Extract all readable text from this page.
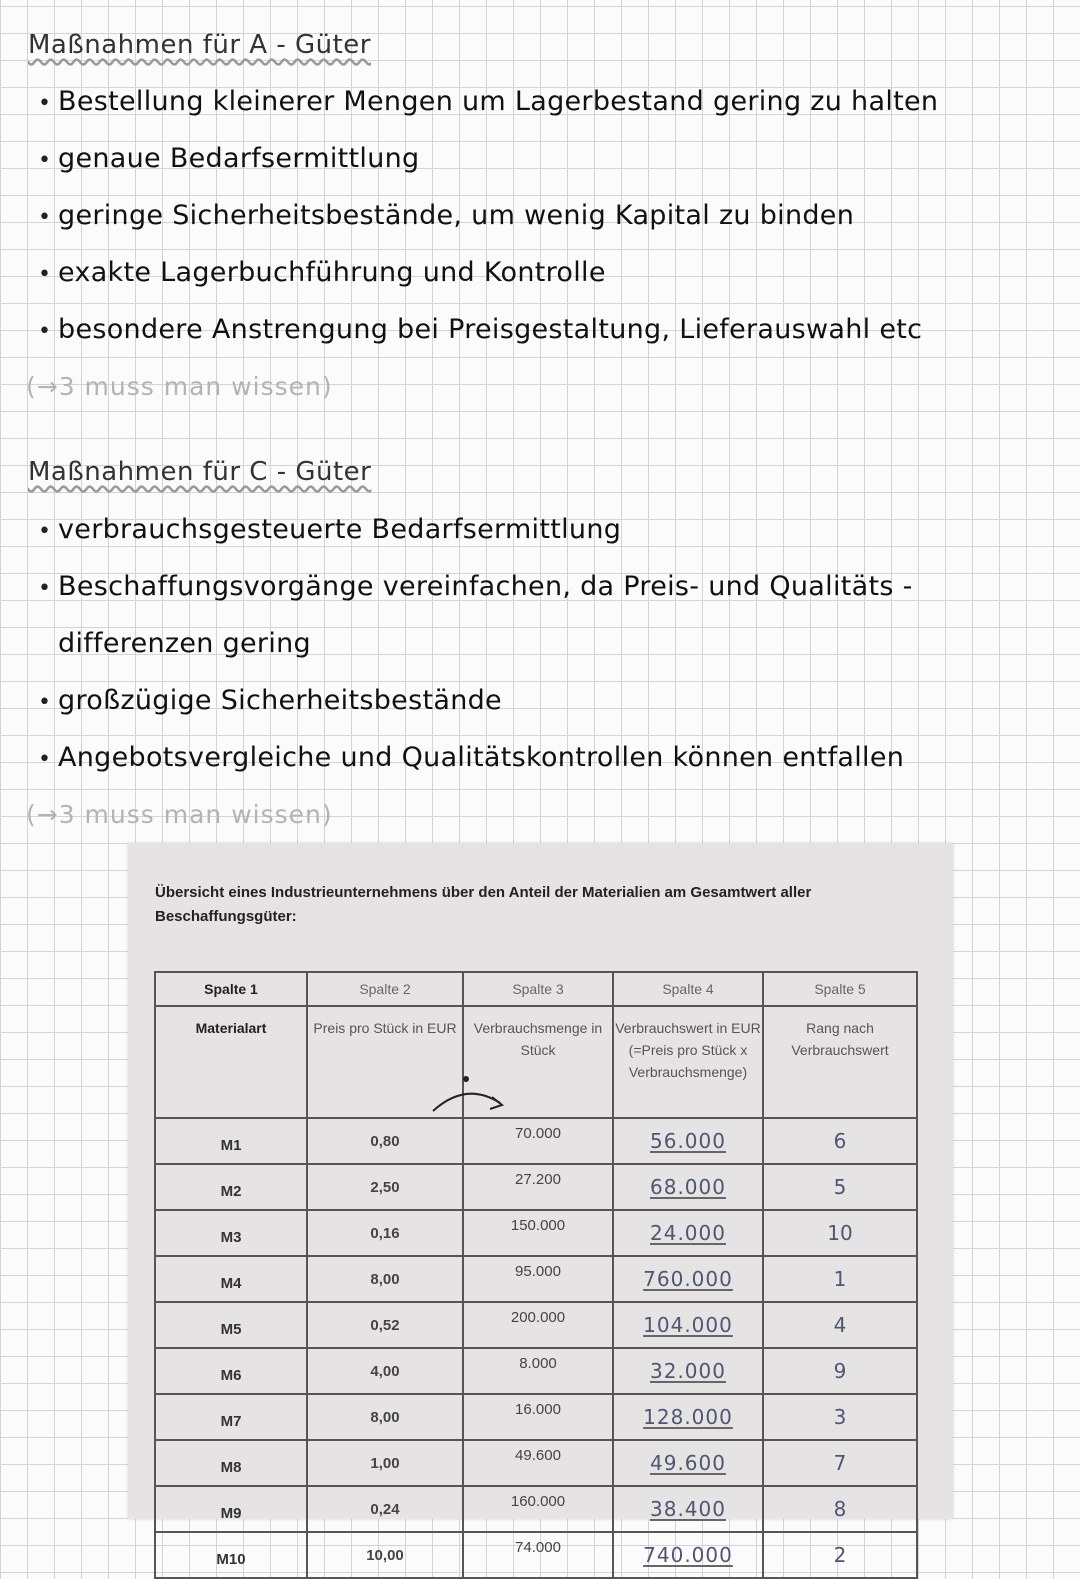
Maßnahmen für A - Güter
• Bestellung kleinerer Mengen um Lagerbestand gering zu halten
• genaue Bedarfsermittlung
• geringe Sicherheitsbestände, um wenig Kapital zu binden
• exakte Lagerbuchführung und Kontrolle
• besondere Anstrengung bei Preisgestaltung, Lieferauswahl etc
(→3 muss man wissen)
Maßnahmen für C - Güter
• verbrauchsgesteuerte Bedarfsermittlung
• Beschaffungsvorgänge vereinfachen, da Preis- und Qualitäts -
differenzen gering
• großzügige Sicherheitsbestände
• Angebotsvergleiche und Qualitätskontrollen können entfallen
(→3 muss man wissen)
Übersicht eines Industrieunternehmens über den Anteil der Materialien am Gesamtwert aller
Beschaffungsgüter:
Spalte 1	Spalte 2	Spalte 3	Spalte 4	Spalte 5
Materialart	Preis pro Stück in EUR	Verbrauchsmenge in Stück	Verbrauchswert in EUR (=Preis pro Stück x Verbrauchsmenge)	Rang nach Verbrauchswert
M1	0,80	70.000	56.000	6
M2	2,50	27.200	68.000	5
M3	0,16	150.000	24.000	10
M4	8,00	95.000	760.000	1
M5	0,52	200.000	104.000	4
M6	4,00	8.000	32.000	9
M7	8,00	16.000	128.000	3
M8	1,00	49.600	49.600	7
M9	0,24	160.000	38.400	8
M10	10,00	74.000	740.000	2
